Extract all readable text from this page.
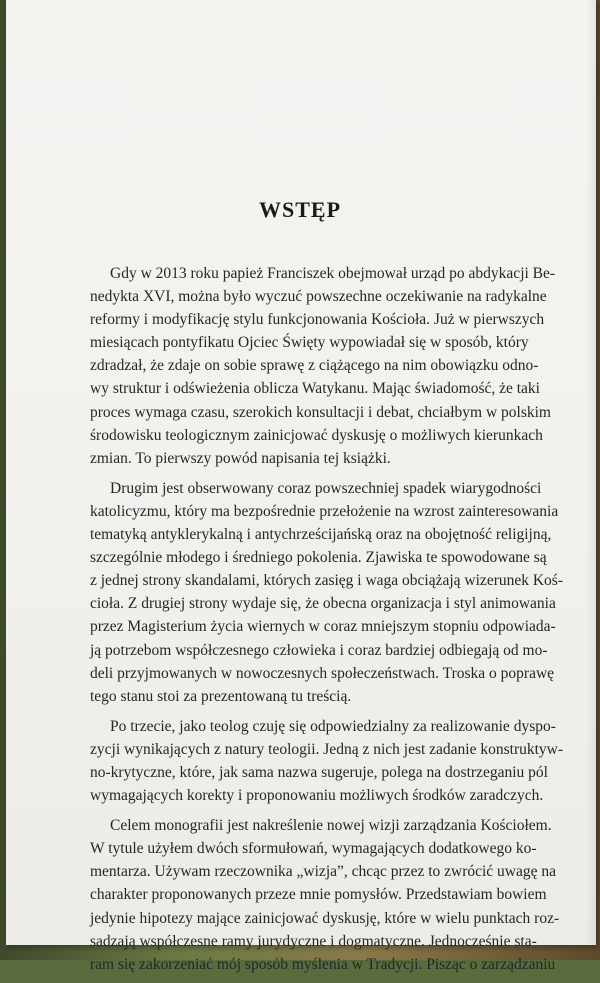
WSTĘP
Gdy w 2013 roku papież Franciszek obejmował urząd po abdykacji Be-
nedykta XVI, można było wyczuć powszechne oczekiwanie na radykalne
reformy i modyfikację stylu funkcjonowania Kościoła. Już w pierwszych
miesiącach pontyfikatu Ojciec Święty wypowiadał się w sposób, który
zdradzał, że zdaje on sobie sprawę z ciążącego na nim obowiązku odno-
wy struktur i odświeżenia oblicza Watykanu. Mając świadomość, że taki
proces wymaga czasu, szerokich konsultacji i debat, chciałbym w polskim
środowisku teologicznym zainicjować dyskusję o możliwych kierunkach
zmian. To pierwszy powód napisania tej książki.
Drugim jest obserwowany coraz powszechniej spadek wiarygodności
katolicyzmu, który ma bezpośrednie przełożenie na wzrost zainteresowania
tematyką antyklerykalną i antychrześcijańską oraz na obojętność religijną,
szczególnie młodego i średniego pokolenia. Zjawiska te spowodowane są
z jednej strony skandalami, których zasięg i waga obciążają wizerunek Koś-
cioła. Z drugiej strony wydaje się, że obecna organizacja i styl animowania
przez Magisterium życia wiernych w coraz mniejszym stopniu odpowiada-
ją potrzebom współczesnego człowieka i coraz bardziej odbiegają od mo-
deli przyjmowanych w nowoczesnych społeczeństwach. Troska o poprawę
tego stanu stoi za prezentowaną tu treścią.
Po trzecie, jako teolog czuję się odpowiedzialny za realizowanie dyspo-
zycji wynikających z natury teologii. Jedną z nich jest zadanie konstruktyw-
no-krytyczne, które, jak sama nazwa sugeruje, polega na dostrzeganiu pól
wymagających korekty i proponowaniu możliwych środków zaradczych.
Celem monografii jest nakreślenie nowej wizji zarządzania Kościołem.
W tytule użyłem dwóch sformułowań, wymagających dodatkowego ko-
mentarza. Używam rzeczownika „wizja”, chcąc przez to zwrócić uwagę na
charakter proponowanych przeze mnie pomysłów. Przedstawiam bowiem
jedynie hipotezy mające zainicjować dyskusję, które w wielu punktach roz-
sadzają współczesne ramy jurydyczne i dogmatyczne. Jednocześnie sta-
ram się zakorzeniać mój sposób myślenia w Tradycji. Pisząc o zarządzaniu
